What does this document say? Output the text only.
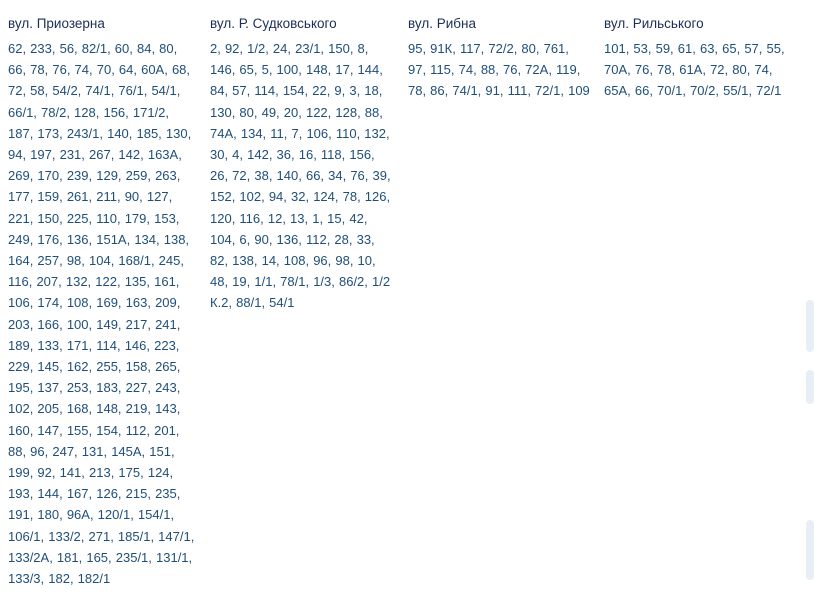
вул. Приозерна
62, 233, 56, 82/1, 60, 84, 80, 66, 78, 76, 74, 70, 64, 60А, 68, 72, 58, 54/2, 74/1, 76/1, 54/1, 66/1, 78/2, 128, 156, 171/2, 187, 173, 243/1, 140, 185, 130, 94, 197, 231, 267, 142, 163А, 269, 170, 239, 129, 259, 263, 177, 159, 261, 211, 90, 127, 221, 150, 225, 110, 179, 153, 249, 176, 136, 151А, 134, 138, 164, 257, 98, 104, 168/1, 245, 116, 207, 132, 122, 135, 161, 106, 174, 108, 169, 163, 209, 203, 166, 100, 149, 217, 241, 189, 133, 171, 114, 146, 223, 229, 145, 162, 255, 158, 265, 195, 137, 253, 183, 227, 243, 102, 205, 168, 148, 219, 143, 160, 147, 155, 154, 112, 201, 88, 96, 247, 131, 145А, 151, 199, 92, 141, 213, 175, 124, 193, 144, 167, 126, 215, 235, 191, 180, 96А, 120/1, 154/1, 106/1, 133/2, 271, 185/1, 147/1, 133/2А, 181, 165, 235/1, 131/1, 133/3, 182, 182/1
вул. Р. Судковського
2, 92, 1/2, 24, 23/1, 150, 8, 146, 65, 5, 100, 148, 17, 144, 84, 57, 114, 154, 22, 9, 3, 18, 130, 80, 49, 20, 122, 128, 88, 74А, 134, 11, 7, 106, 110, 132, 30, 4, 142, 36, 16, 118, 156, 26, 72, 38, 140, 66, 34, 76, 39, 152, 102, 94, 32, 124, 78, 126, 120, 116, 12, 13, 1, 15, 42, 104, 6, 90, 136, 112, 28, 33, 82, 138, 14, 108, 96, 98, 10, 48, 19, 1/1, 78/1, 1/3, 86/2, 1/2 К.2, 88/1, 54/1
вул. Рибна
95, 91К, 117, 72/2, 80, 761, 97, 115, 74, 88, 76, 72А, 119, 78, 86, 74/1, 91, 111, 72/1, 109
вул. Рильського
101, 53, 59, 61, 63, 65, 57, 55, 70А, 76, 78, 61А, 72, 80, 74, 65А, 66, 70/1, 70/2, 55/1, 72/1
